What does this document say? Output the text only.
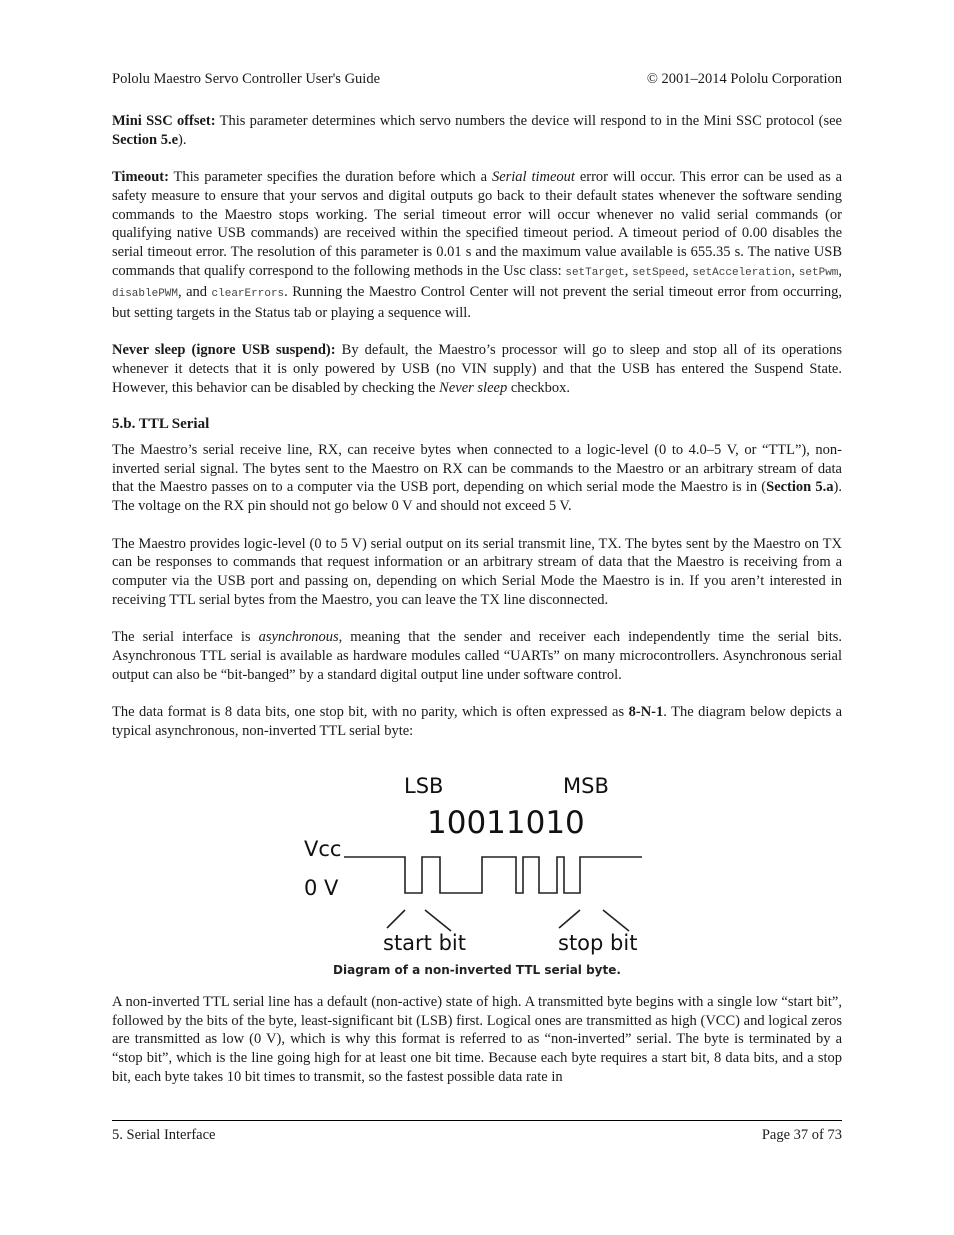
Pololu Maestro Servo Controller User's Guide	© 2001–2014 Pololu Corporation

Mini SSC offset: This parameter determines which servo numbers the device will respond to in the Mini SSC protocol (see Section 5.e).

Timeout: This parameter specifies the duration before which a Serial timeout error will occur. This error can be used as a safety measure to ensure that your servos and digital outputs go back to their default states whenever the software sending commands to the Maestro stops working. The serial timeout error will occur whenever no valid serial commands (or qualifying native USB commands) are received within the specified timeout period. A timeout period of 0.00 disables the serial timeout error. The resolution of this parameter is 0.01 s and the maximum value available is 655.35 s. The native USB commands that qualify correspond to the following methods in the Usc class: setTarget, setSpeed, setAcceleration, setPwm, disablePWM, and clearErrors. Running the Maestro Control Center will not prevent the serial timeout error from occurring, but setting targets in the Status tab or playing a sequence will.

Never sleep (ignore USB suspend): By default, the Maestro’s processor will go to sleep and stop all of its operations whenever it detects that it is only powered by USB (no VIN supply) and that the USB has entered the Suspend State. However, this behavior can be disabled by checking the Never sleep checkbox.

5.b. TTL Serial

The Maestro’s serial receive line, RX, can receive bytes when connected to a logic-level (0 to 4.0–5 V, or “TTL”), non-inverted serial signal. The bytes sent to the Maestro on RX can be commands to the Maestro or an arbitrary stream of data that the Maestro passes on to a computer via the USB port, depending on which serial mode the Maestro is in (Section 5.a). The voltage on the RX pin should not go below 0 V and should not exceed 5 V.

The Maestro provides logic-level (0 to 5 V) serial output on its serial transmit line, TX. The bytes sent by the Maestro on TX can be responses to commands that request information or an arbitrary stream of data that the Maestro is receiving from a computer via the USB port and passing on, depending on which Serial Mode the Maestro is in. If you aren’t interested in receiving TTL serial bytes from the Maestro, you can leave the TX line disconnected.

The serial interface is asynchronous, meaning that the sender and receiver each independently time the serial bits. Asynchronous TTL serial is available as hardware modules called “UARTs” on many microcontrollers. Asynchronous serial output can also be “bit-banged” by a standard digital output line under software control.

The data format is 8 data bits, one stop bit, with no parity, which is often expressed as 8-N-1. The diagram below depicts a typical asynchronous, non-inverted TTL serial byte:

LSB	MSB
10011010
Vcc
0 V
start bit	stop bit
Diagram of a non-inverted TTL serial byte.

A non-inverted TTL serial line has a default (non-active) state of high. A transmitted byte begins with a single low “start bit”, followed by the bits of the byte, least-significant bit (LSB) first. Logical ones are transmitted as high (VCC) and logical zeros are transmitted as low (0 V), which is why this format is referred to as “non-inverted” serial. The byte is terminated by a “stop bit”, which is the line going high for at least one bit time. Because each byte requires a start bit, 8 data bits, and a stop bit, each byte takes 10 bit times to transmit, so the fastest possible data rate in

5. Serial Interface	Page 37 of 73
